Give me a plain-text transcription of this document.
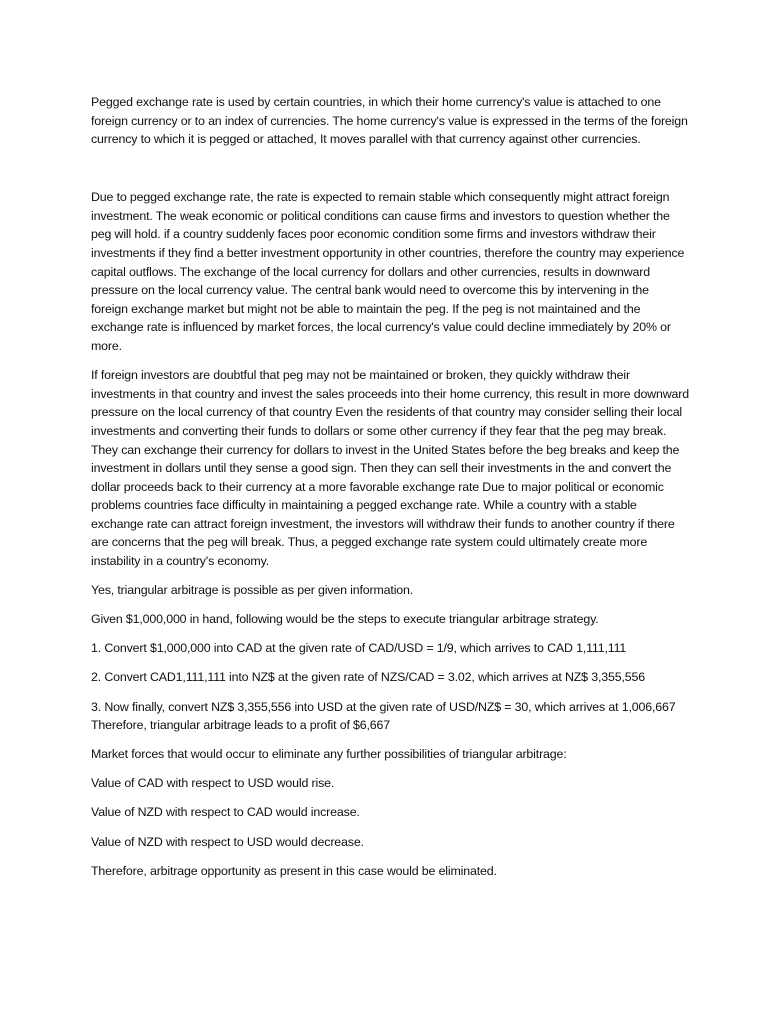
Pegged exchange rate is used by certain countries, in which their home currency's value is attached to one foreign currency or to an index of currencies. The home currency's value is expressed in the terms of the foreign currency to which it is pegged or attached, It moves parallel with that currency against other currencies.

Due to pegged exchange rate, the rate is expected to remain stable which consequently might attract foreign investment. The weak economic or political conditions can cause firms and investors to question whether the peg will hold. if a country suddenly faces poor economic condition some firms and investors withdraw their investments if they find a better investment opportunity in other countries, therefore the country may experience capital outflows. The exchange of the local currency for dollars and other currencies, results in downward pressure on the local currency value. The central bank would need to overcome this by intervening in the foreign exchange market but might not be able to maintain the peg. If the peg is not maintained and the exchange rate is influenced by market forces, the local currency's value could decline immediately by 20% or more.

If foreign investors are doubtful that peg may not be maintained or broken, they quickly withdraw their investments in that country and invest the sales proceeds into their home currency, this result in more downward pressure on the local currency of that country Even the residents of that country may consider selling their local investments and converting their funds to dollars or some other currency if they fear that the peg may break. They can exchange their currency for dollars to invest in the United States before the beg breaks and keep the investment in dollars until they sense a good sign. Then they can sell their investments in the and convert the dollar proceeds back to their currency at a more favorable exchange rate Due to major political or economic problems countries face difficulty in maintaining a pegged exchange rate. While a country with a stable exchange rate can attract foreign investment, the investors will withdraw their funds to another country if there are concerns that the peg will break. Thus, a pegged exchange rate system could ultimately create more instability in a country's economy.

Yes, triangular arbitrage is possible as per given information.

Given $1,000,000 in hand, following would be the steps to execute triangular arbitrage strategy.

1. Convert $1,000,000 into CAD at the given rate of CAD/USD = 1/9, which arrives to CAD 1,111,111

2. Convert CAD1,111,111 into NZ$ at the given rate of NZS/CAD = 3.02, which arrives at NZ$ 3,355,556

3. Now finally, convert NZ$ 3,355,556 into USD at the given rate of USD/NZ$ = 30, which arrives at 1,006,667 Therefore, triangular arbitrage leads to a profit of $6,667

Market forces that would occur to eliminate any further possibilities of triangular arbitrage:

Value of CAD with respect to USD would rise.

Value of NZD with respect to CAD would increase.

Value of NZD with respect to USD would decrease.

Therefore, arbitrage opportunity as present in this case would be eliminated.
